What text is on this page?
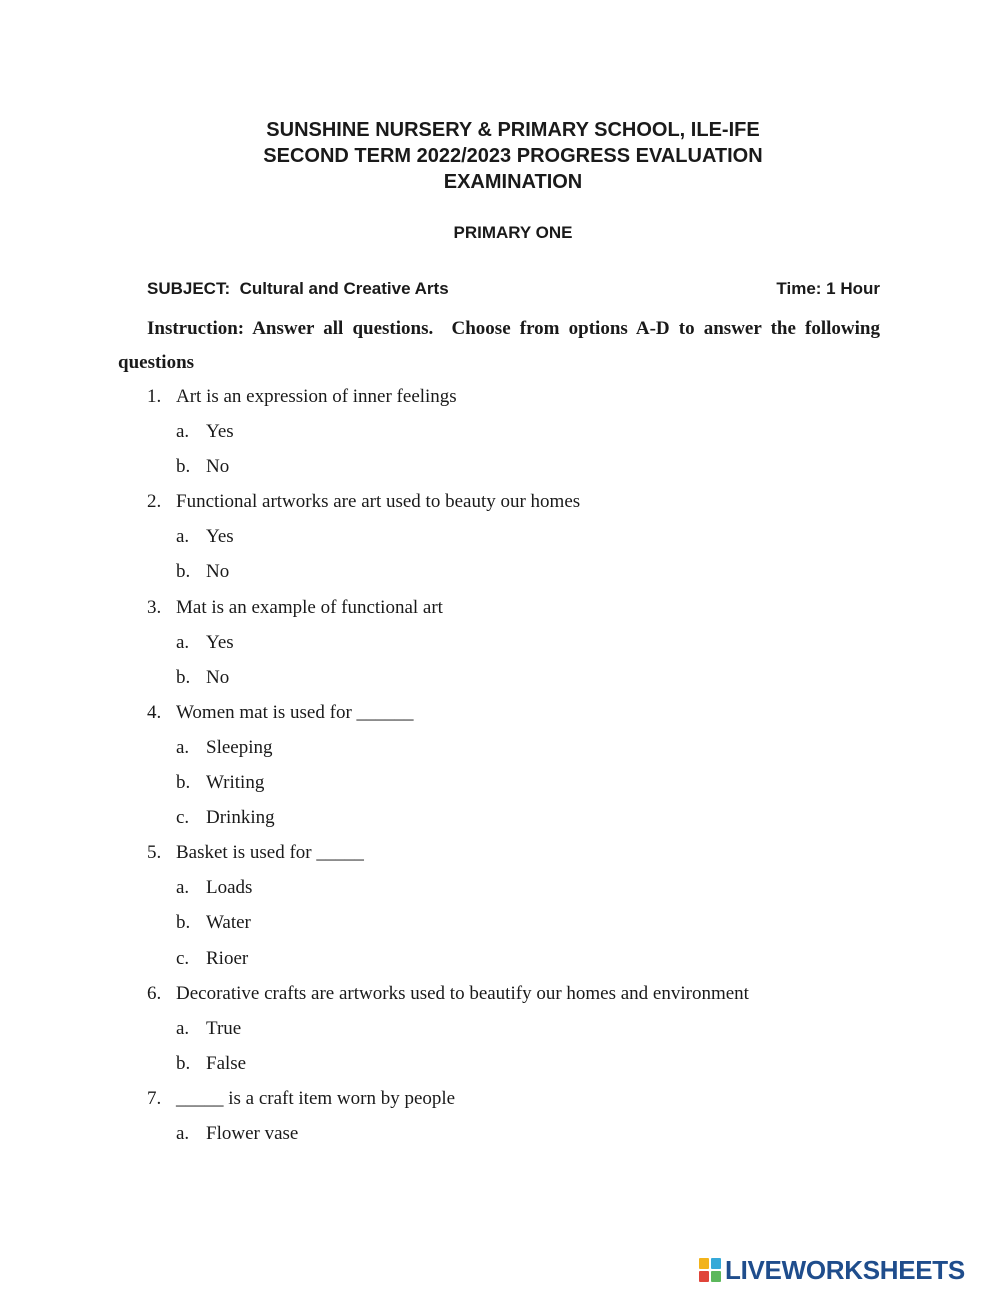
SUNSHINE NURSERY & PRIMARY SCHOOL, ILE-IFE
SECOND TERM 2022/2023 PROGRESS EVALUATION
EXAMINATION
PRIMARY ONE
SUBJECT:  Cultural and Creative Arts	Time: 1 Hour
Instruction: Answer all questions.  Choose from options A-D to answer the following
questions
1. Art is an expression of inner feelings
a. Yes
b. No
2. Functional artworks are art used to beauty our homes
a. Yes
b. No
3. Mat is an example of functional art
a. Yes
b. No
4. Women mat is used for ______
a. Sleeping
b. Writing
c. Drinking
5. Basket is used for _____
a. Loads
b. Water
c. Rioer
6. Decorative crafts are artworks used to beautify our homes and environment
a. True
b. False
7. _____ is a craft item worn by people
a. Flower vase
LIVEWORKSHEETS
